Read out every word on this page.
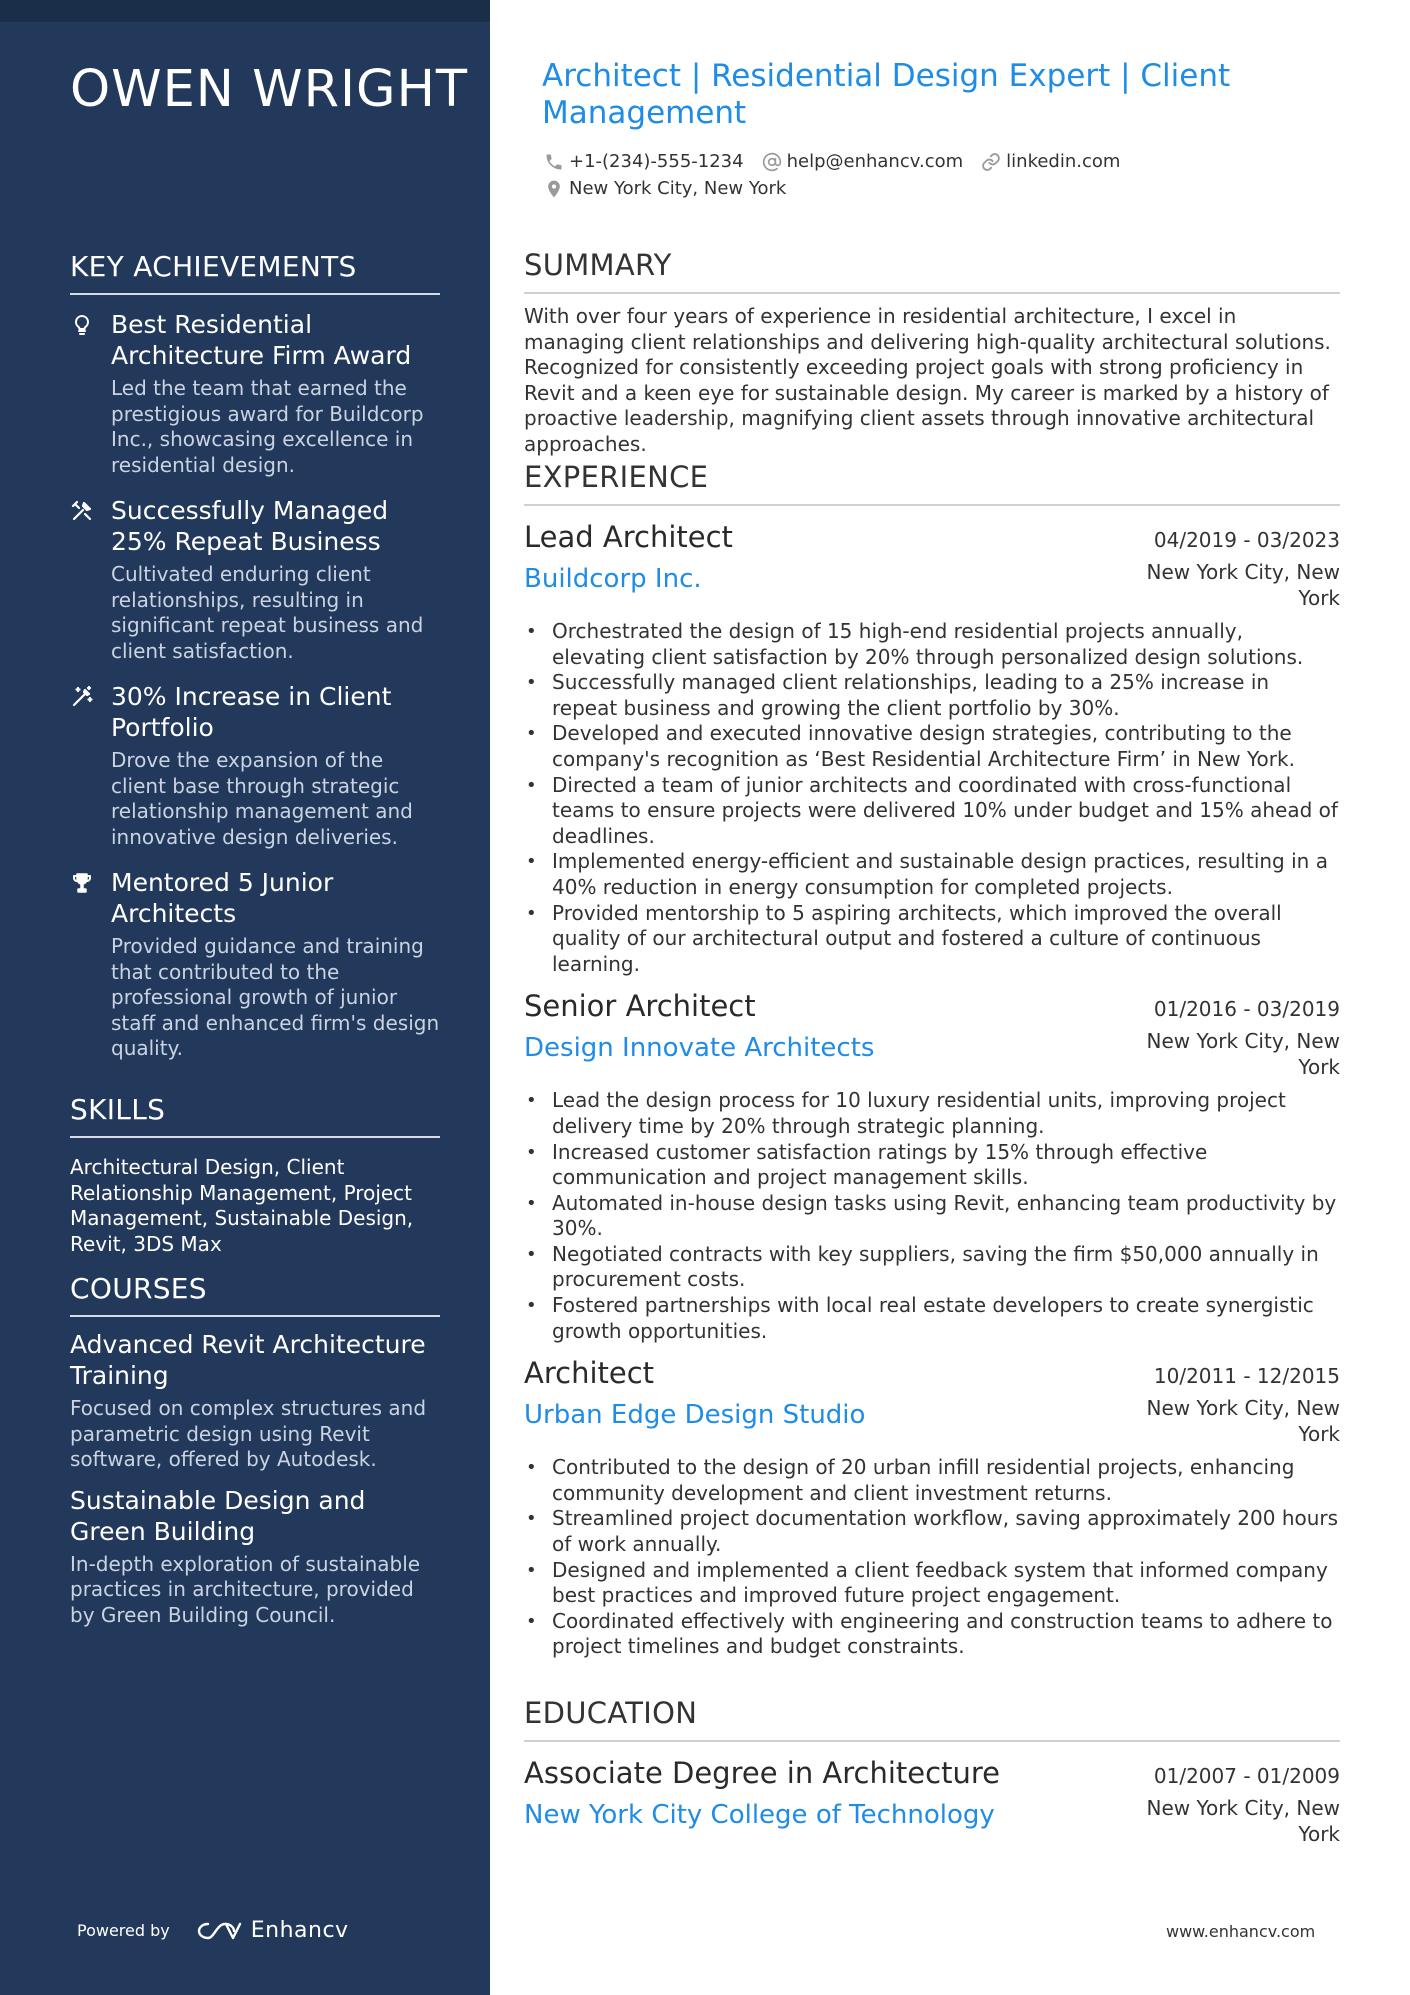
OWEN WRIGHT
KEY ACHIEVEMENTS
Best Residential Architecture Firm Award
Led the team that earned the prestigious award for Buildcorp Inc., showcasing excellence in residential design.
Successfully Managed 25% Repeat Business
Cultivated enduring client relationships, resulting in significant repeat business and client satisfaction.
30% Increase in Client Portfolio
Drove the expansion of the client base through strategic relationship management and innovative design deliveries.
Mentored 5 Junior Architects
Provided guidance and training that contributed to the professional growth of junior staff and enhanced firm's design quality.
SKILLS
Architectural Design, Client Relationship Management, Project Management, Sustainable Design, Revit, 3DS Max
COURSES
Advanced Revit Architecture Training
Focused on complex structures and parametric design using Revit software, offered by Autodesk.
Sustainable Design and Green Building
In-depth exploration of sustainable practices in architecture, provided by Green Building Council.
Powered by	Enhancv
Architect | Residential Design Expert | Client Management
+1-(234)-555-1234 help@enhancv.com linkedin.com
New York City, New York
SUMMARY
With over four years of experience in residential architecture, I excel in managing client relationships and delivering high-quality architectural solutions. Recognized for consistently exceeding project goals with strong proficiency in Revit and a keen eye for sustainable design. My career is marked by a history of proactive leadership, magnifying client assets through innovative architectural approaches.
EXPERIENCE
Lead Architect	04/2019 - 03/2023
Buildcorp Inc.	New York City, New York
• Orchestrated the design of 15 high-end residential projects annually, elevating client satisfaction by 20% through personalized design solutions.
• Successfully managed client relationships, leading to a 25% increase in repeat business and growing the client portfolio by 30%.
• Developed and executed innovative design strategies, contributing to the company's recognition as ‘Best Residential Architecture Firm’ in New York.
• Directed a team of junior architects and coordinated with cross-functional teams to ensure projects were delivered 10% under budget and 15% ahead of deadlines.
• Implemented energy-efficient and sustainable design practices, resulting in a 40% reduction in energy consumption for completed projects.
• Provided mentorship to 5 aspiring architects, which improved the overall quality of our architectural output and fostered a culture of continuous learning.
Senior Architect	01/2016 - 03/2019
Design Innovate Architects	New York City, New York
• Lead the design process for 10 luxury residential units, improving project delivery time by 20% through strategic planning.
• Increased customer satisfaction ratings by 15% through effective communication and project management skills.
• Automated in-house design tasks using Revit, enhancing team productivity by 30%.
• Negotiated contracts with key suppliers, saving the firm $50,000 annually in procurement costs.
• Fostered partnerships with local real estate developers to create synergistic growth opportunities.
Architect	10/2011 - 12/2015
Urban Edge Design Studio	New York City, New York
• Contributed to the design of 20 urban infill residential projects, enhancing community development and client investment returns.
• Streamlined project documentation workflow, saving approximately 200 hours of work annually.
• Designed and implemented a client feedback system that informed company best practices and improved future project engagement.
• Coordinated effectively with engineering and construction teams to adhere to project timelines and budget constraints.
EDUCATION
Associate Degree in Architecture	01/2007 - 01/2009
New York City College of Technology	New York City, New York
www.enhancv.com
